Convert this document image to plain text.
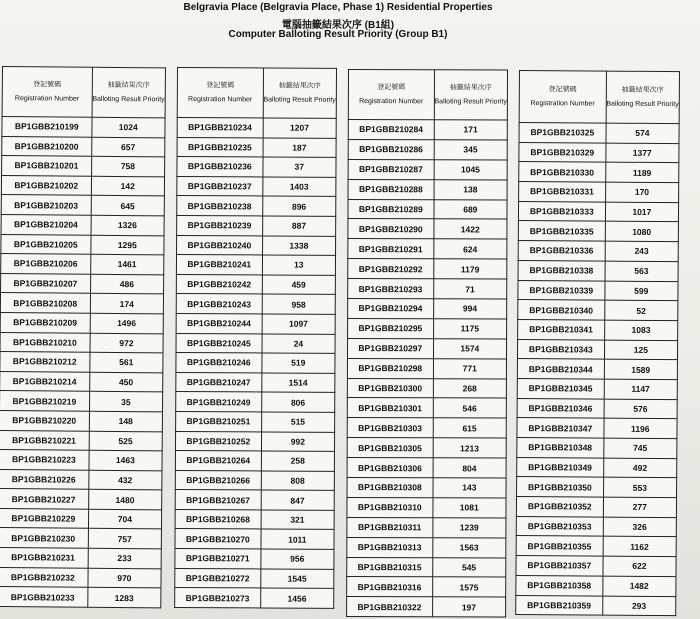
Belgravia Place (Belgravia Place, Phase 1) Residential Properties
電腦抽籤結果次序 (B1組)
Computer Balloting Result Priority (Group B1)
登記號碼
Registration Number	抽籤結果次序
Balloting Result Priority
BP1GBB210199	1024
BP1GBB210200	657
BP1GBB210201	758
BP1GBB210202	142
BP1GBB210203	645
BP1GBB210204	1326
BP1GBB210205	1295
BP1GBB210206	1461
BP1GBB210207	486
BP1GBB210208	174
BP1GBB210209	1496
BP1GBB210210	972
BP1GBB210212	561
BP1GBB210214	450
BP1GBB210219	35
BP1GBB210220	148
BP1GBB210221	525
BP1GBB210223	1463
BP1GBB210226	432
BP1GBB210227	1480
BP1GBB210229	704
BP1GBB210230	757
BP1GBB210231	233
BP1GBB210232	970
BP1GBB210233	1283
登記號碼
Registration Number	抽籤結果次序
Balloting Result Priority
BP1GBB210234	1207
BP1GBB210235	187
BP1GBB210236	37
BP1GBB210237	1403
BP1GBB210238	896
BP1GBB210239	887
BP1GBB210240	1338
BP1GBB210241	13
BP1GBB210242	459
BP1GBB210243	958
BP1GBB210244	1097
BP1GBB210245	24
BP1GBB210246	519
BP1GBB210247	1514
BP1GBB210249	806
BP1GBB210251	515
BP1GBB210252	992
BP1GBB210264	258
BP1GBB210266	808
BP1GBB210267	847
BP1GBB210268	321
BP1GBB210270	1011
BP1GBB210271	956
BP1GBB210272	1545
BP1GBB210273	1456
登記號碼
Registration Number	抽籤結果次序
Balloting Result Priority
BP1GBB210284	171
BP1GBB210286	345
BP1GBB210287	1045
BP1GBB210288	138
BP1GBB210289	689
BP1GBB210290	1422
BP1GBB210291	624
BP1GBB210292	1179
BP1GBB210293	71
BP1GBB210294	994
BP1GBB210295	1175
BP1GBB210297	1574
BP1GBB210298	771
BP1GBB210300	268
BP1GBB210301	546
BP1GBB210303	615
BP1GBB210305	1213
BP1GBB210306	804
BP1GBB210308	143
BP1GBB210310	1081
BP1GBB210311	1239
BP1GBB210313	1563
BP1GBB210315	545
BP1GBB210316	1575
BP1GBB210322	197
登記號碼
Registration Number	抽籤結果次序
Balloting Result Priority
BP1GBB210325	574
BP1GBB210329	1377
BP1GBB210330	1189
BP1GBB210331	170
BP1GBB210333	1017
BP1GBB210335	1080
BP1GBB210336	243
BP1GBB210338	563
BP1GBB210339	599
BP1GBB210340	52
BP1GBB210341	1083
BP1GBB210343	125
BP1GBB210344	1589
BP1GBB210345	1147
BP1GBB210346	576
BP1GBB210347	1196
BP1GBB210348	745
BP1GBB210349	492
BP1GBB210350	553
BP1GBB210352	277
BP1GBB210353	326
BP1GBB210355	1162
BP1GBB210357	622
BP1GBB210358	1482
BP1GBB210359	293
